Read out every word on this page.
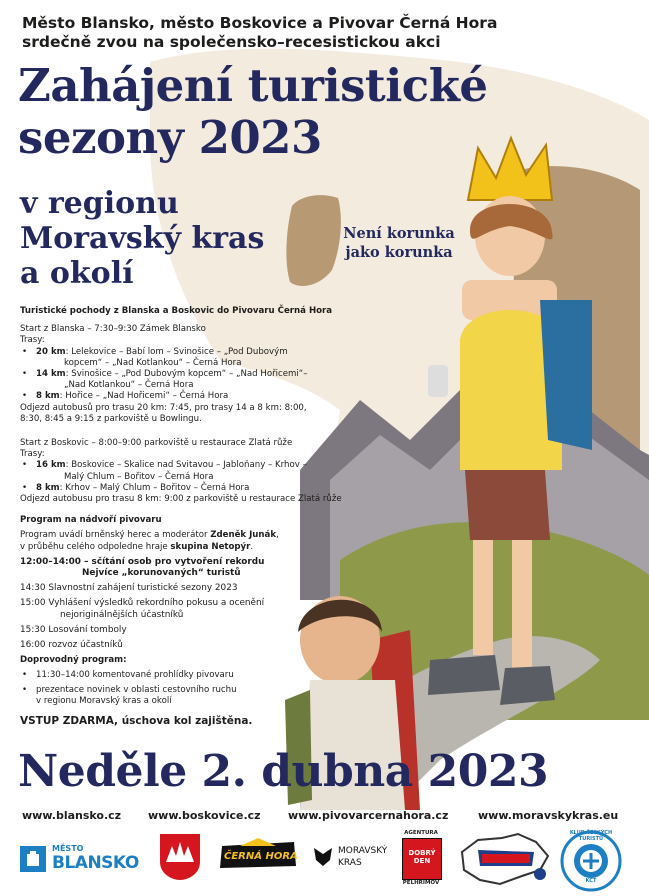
Město Blansko, město Boskovice a Pivovar Černá Hora
srdečně zvou na společensko–recesistickou akci
Zahájení turistické
sezony 2023
v regionu
Moravský kras
a okolí
Není korunka
jako korunka

Turistické pochody z Blanska a Boskovic do Pivovaru Černá Hora

Start z Blanska – 7:30–9:30 Zámek Blansko

Trasy:

• 20 km: Lelekovice – Babí lom – Svinošice – „Pod Dubovým
kopcem“ – „Nad Kotlankou“ – Černá Hora
• 14 km: Svinošice – „Pod Dubovým kopcem“ – „Nad Hořicemi“–
„Nad Kotlankou“ – Černá Hora
• 8 km: Hořice – „Nad Hořicemi“ – Černá Hora

Odjezd autobusů pro trasu 20 km: 7:45, pro trasy 14 a 8 km: 8:00,

8:30, 8:45 a 9:15 z parkoviště u Bowlingu.

Start z Boskovic – 8:00–9:00 parkoviště u restaurace Zlatá růže

Trasy:

• 16 km: Boskovice – Skalice nad Svitavou – Jabloňany – Krhov –
Malý Chlum – Bořitov – Černá Hora
• 8 km: Krhov – Malý Chlum – Bořitov – Černá Hora

Odjezd autobusu pro trasu 8 km: 9:00 z parkoviště u restaurace Zlatá růže

Program na nádvoří pivovaru

Program uvádí brněnský herec a moderátor Zdeněk Junák,

v průběhu celého odpoledne hraje skupina Netopýr.

12:00–14:00 – sčítání osob pro vytvoření rekordu
Nejvíce „korunovaných“ turistů
14:30 Slavnostní zahájení turistické sezony 2023
15:00 Vyhlášení výsledků rekordního pokusu a ocenění
nejoriginálnějších účastníků
15:30 Losování tomboly
16:00 rozvoz účastníků

Doprovodný program:

• 11:30–14:00 komentované prohlídky pivovaru
• prezentace novinek v oblasti cestovního ruchu
v regionu Moravský kras a okolí

VSTUP ZDARMA, úschova kol zajištěna.

Neděle 2. dubna 2023
www.blansko.cz www.boskovice.cz www.pivovarcernahora.cz	www.moravskykras.eu
MĚSTO
BLANSKO	ČERNÁ HORA	MORAVSKÝ
KRAS
AGENTURA
DOBRÝ
DEN
PELHŘIMOV
KLUB ČESKÝCH TURISTŮ
KČT
